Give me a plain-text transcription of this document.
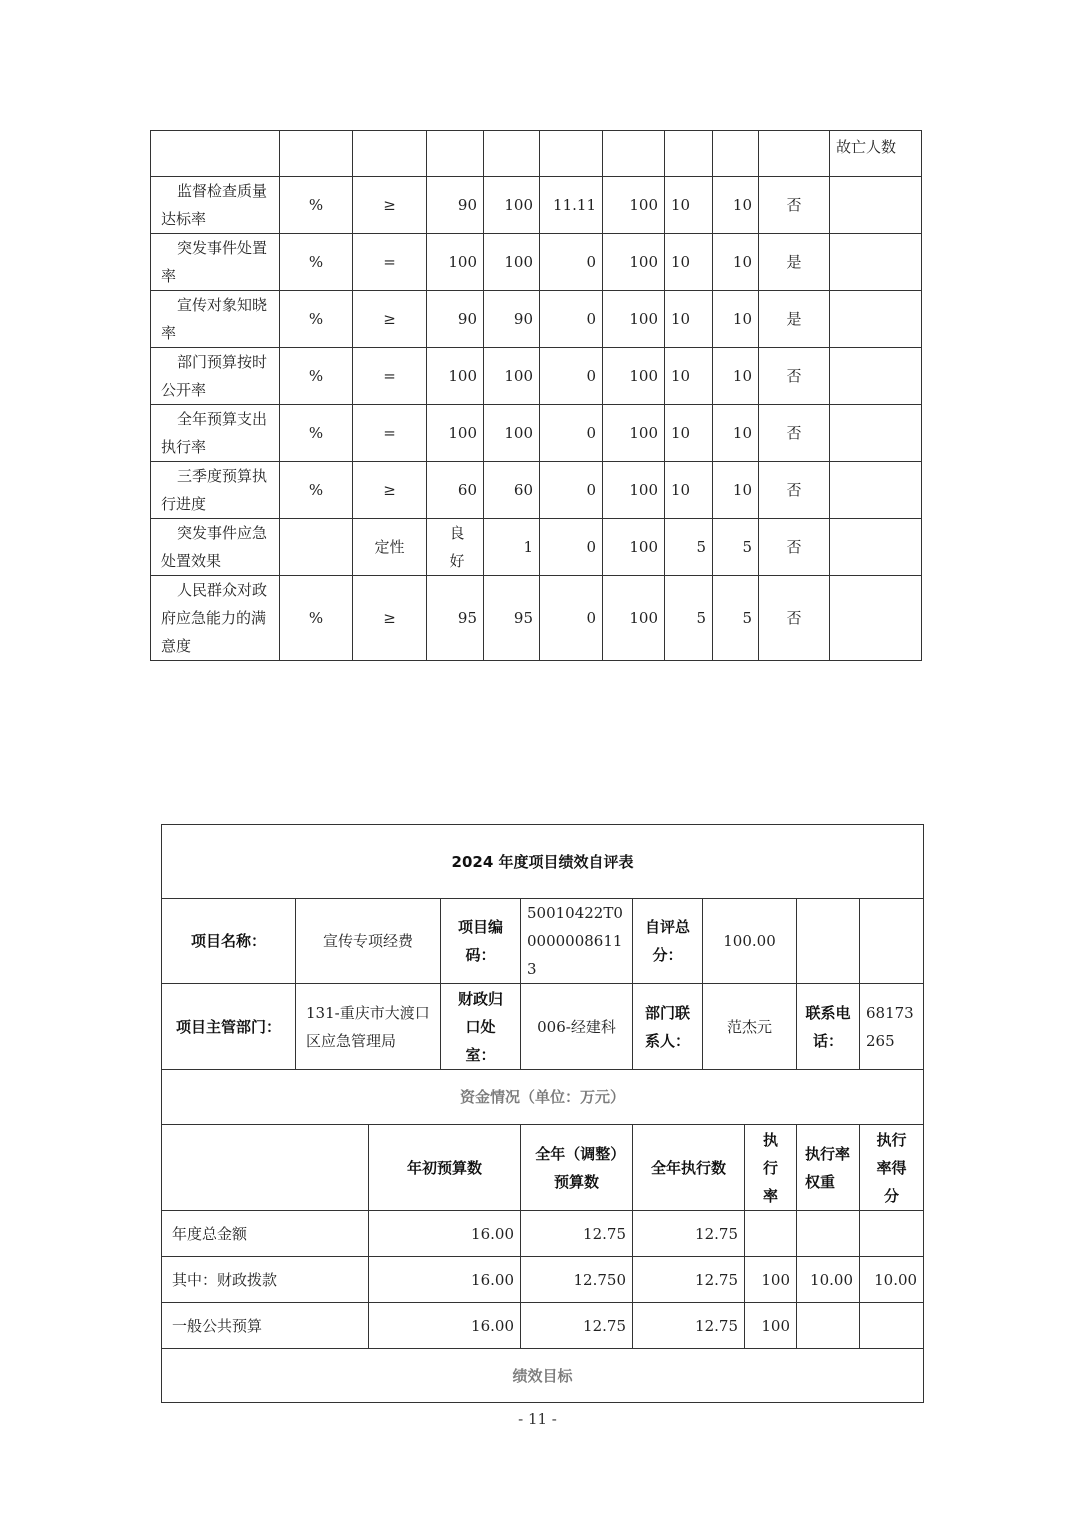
										故亡人数

监督检查质量达标率	%	≥	90	100	11.11	100	10	10	否	

突发事件处置率	%	=	100	100	0	100	10	10	是	

宣传对象知晓率	%	≥	90	90	0	100	10	10	是	

部门预算按时公开率	%	=	100	100	0	100	10	10	否	

全年预算支出执行率	%	=	100	100	0	100	10	10	否	

三季度预算执行进度	%	≥	60	60	0	100	10	10	否	

突发事件应急处置效果		定性	良好	1	0	100	5	5	否	

人民群众对政府应急能力的满意度	%	≥	95	95	0	100	5	5	否	
2024 年度项目绩效自评表									
项目名称：	宣传专项经费		项目编码：	50010422T000000086113	自评总分：	100.00			
项目主管部门：	131-重庆市大渡口区应急管理局		财政归口处室：	006-经建科	部门联系人：	范杰元		联系电话：	68173265
资金情况（单位：万元）									
		年初预算数		全年（调整）预算数	全年执行数		执行率	执行率权重	执行率得分
年度总金额		16.00		12.75	12.75				
其中：财政拨款		16.00		12.750	12.75		100	10.00	10.00
一般公共预算		16.00		12.75	12.75		100		
绩效目标									
- 11 -
